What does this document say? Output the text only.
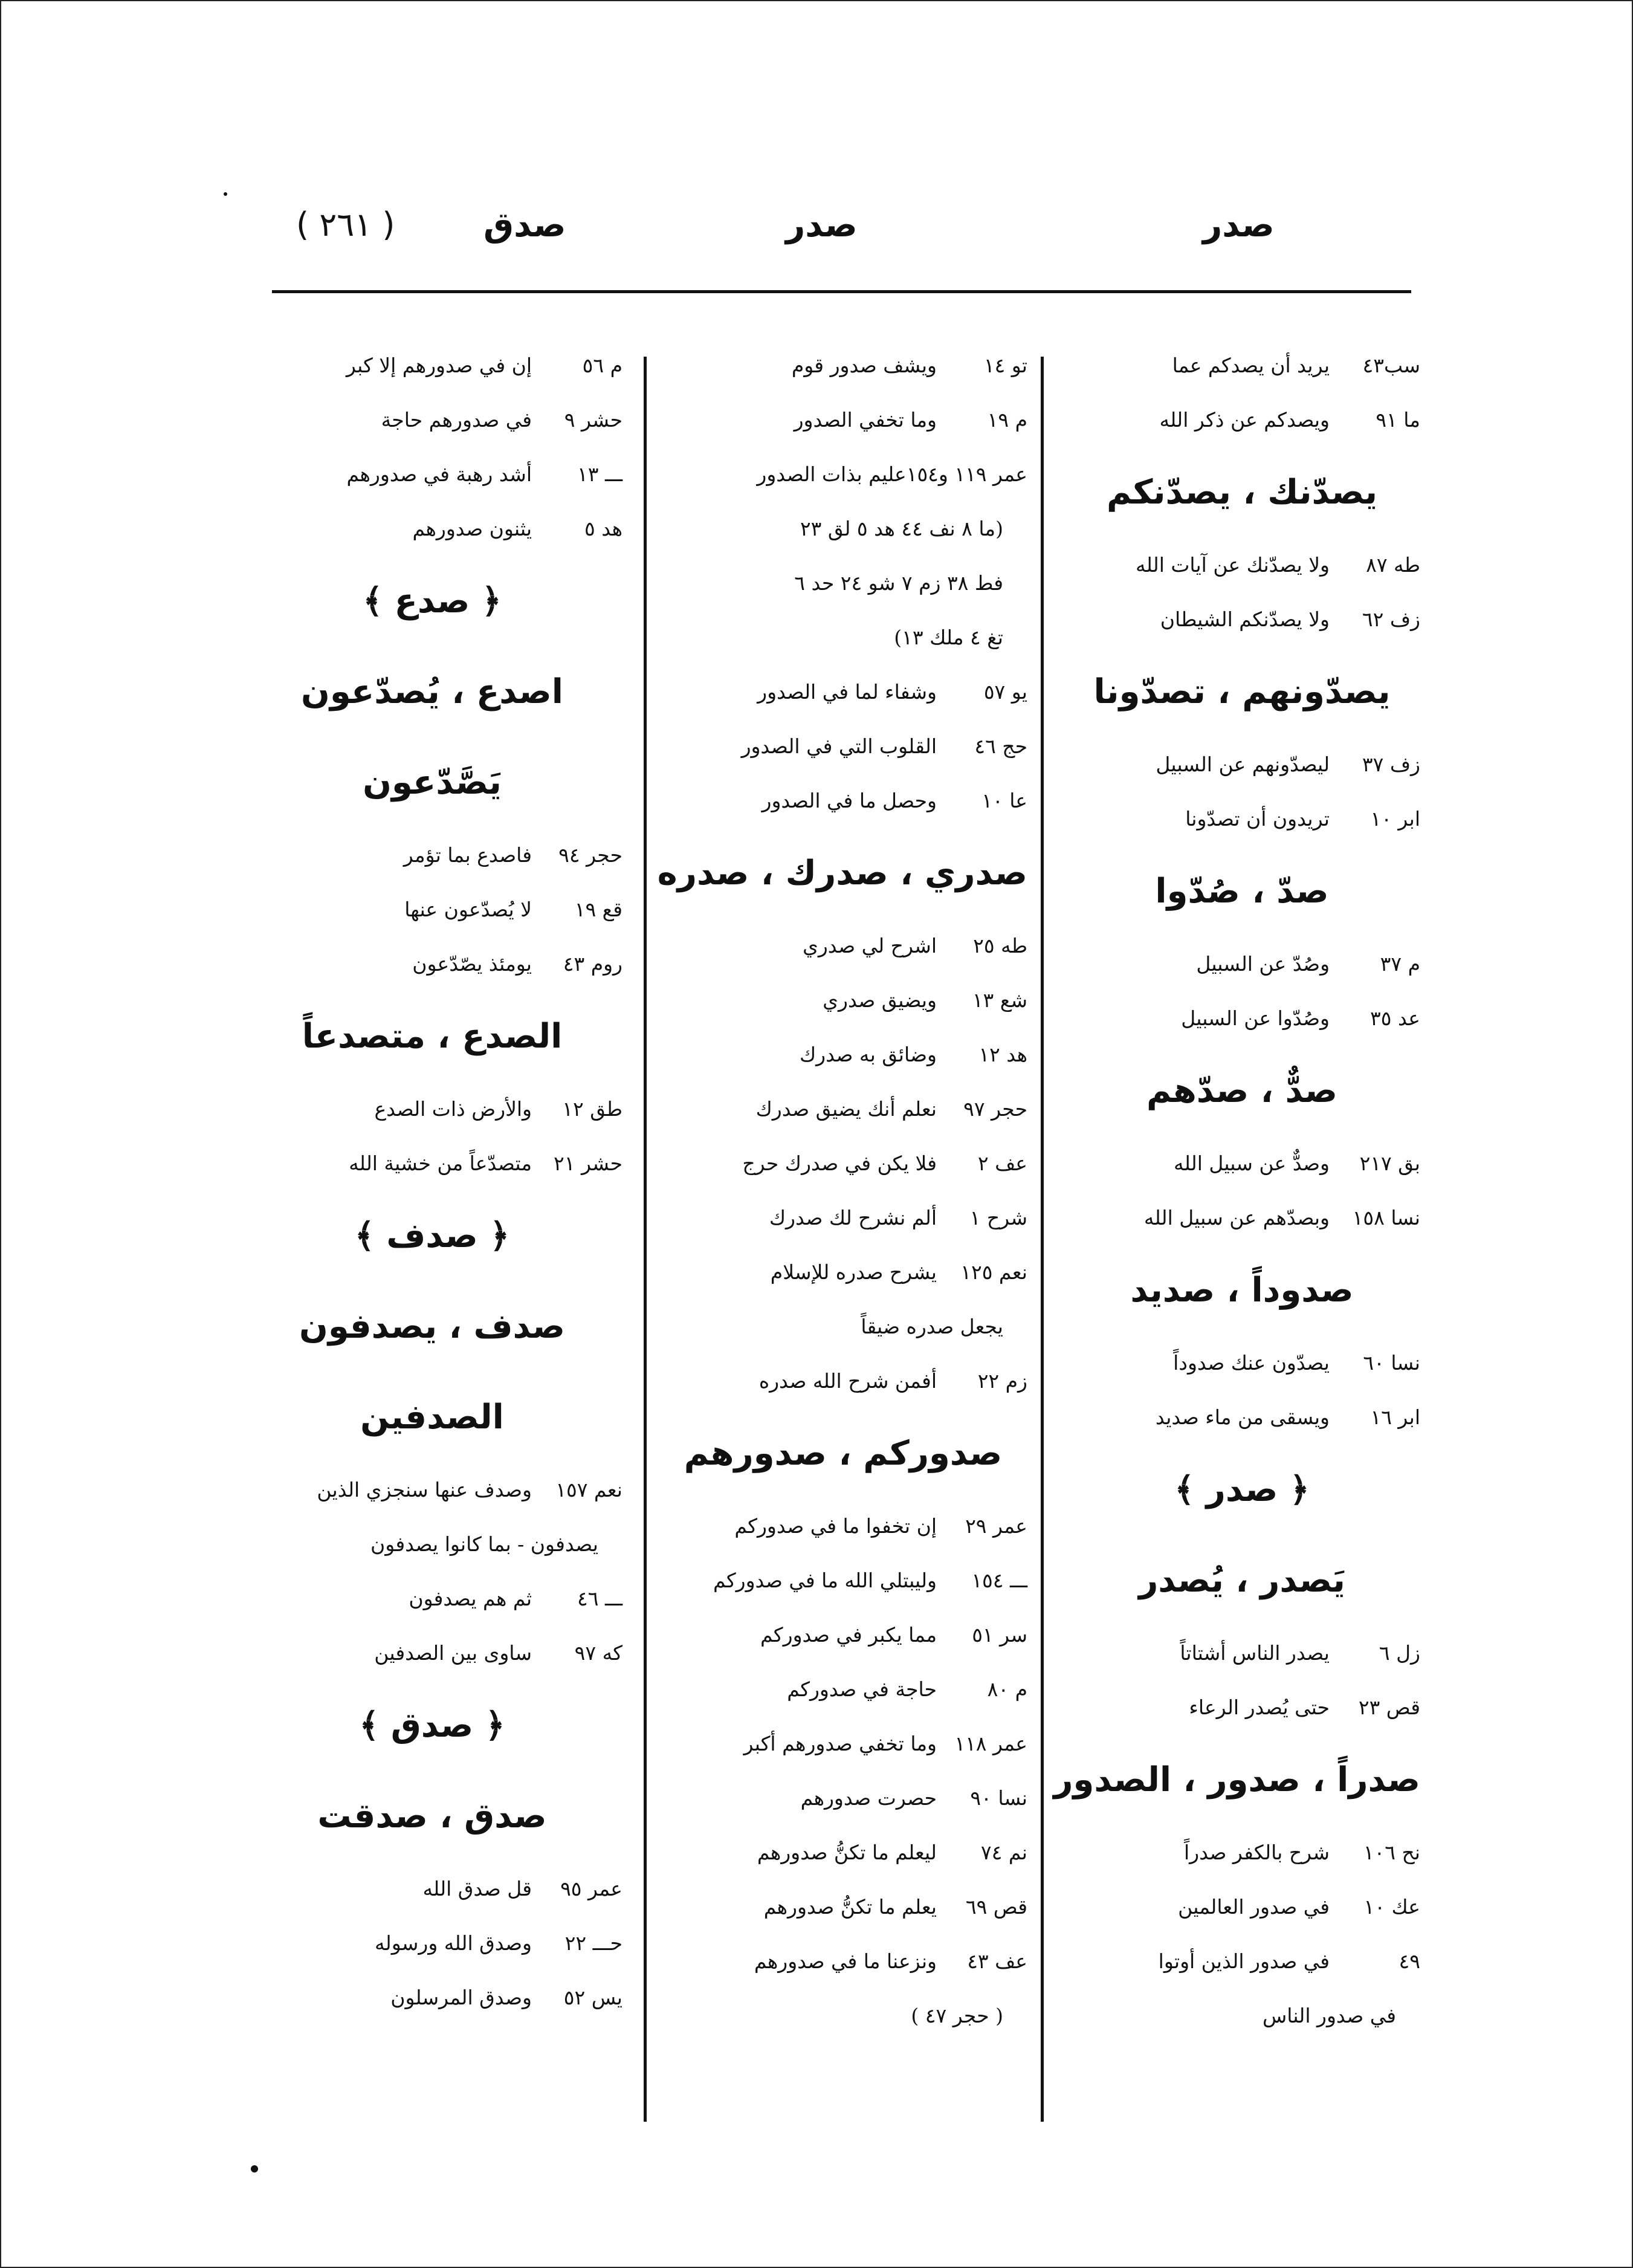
صدر
صدر
صدق
( ٢٦١ )
سب٤٣يريد أن يصدكم عما
ما ٩١ويصدكم عن ذكر الله
يصدّنك ، يصدّنكم
طه ٨٧ولا يصدّنك عن آيات الله
زف ٦٢ولا يصدّنكم الشيطان
يصدّونهم ، تصدّونا
زف ٣٧ليصدّونهم عن السبيل
ابر ١٠تريدون أن تصدّونا
صدّ ، صُدّوا
م ٣٧وصُدّ عن السبيل
عد ٣٥وصُدّوا عن السبيل
صدٌّ ، صدّهم
بق ٢١٧وصدٌّ عن سبيل الله
نسا ١٥٨وبصدّهم عن سبيل الله
صدوداً ، صديد
نسا ٦٠يصدّون عنك صدوداً
ابر ١٦ويسقى من ماء صديد
﴿ صدر ﴾
يَصدر ، يُصدر
زل ٦يصدر الناس أشتاتاً
قص ٢٣حتى يُصدر الرعاء
صدراً ، صدور ، الصدور
نح ١٠٦شرح بالكفر صدراً
عك ١٠في صدور العالمين
٤٩في صدور الذين أوتوا
في صدور الناس
تو ١٤ويشف صدور قوم
م ١٩وما تخفي الصدور
عمر ١١٩ و١٥٤عليم بذات الصدور
(ما ٨ نف ٤٤ هد ٥ لق ٢٣
فط ٣٨ زم ٧ شو ٢٤ حد ٦
تغ ٤ ملك ١٣)
يو ٥٧وشفاء لما في الصدور
حج ٤٦القلوب التي في الصدور
عا ١٠وحصل ما في الصدور
صدري ، صدرك ، صدره
طه ٢٥اشرح لي صدري
شع ١٣ويضيق صدري
هد ١٢وضائق به صدرك
حجر ٩٧نعلم أنك يضيق صدرك
عف ٢فلا يكن في صدرك حرج
شرح ١ألم نشرح لك صدرك
نعم ١٢٥يشرح صدره للإسلام
يجعل صدره ضيقاً
زم ٢٢أفمن شرح الله صدره
صدوركم ، صدورهم
عمر ٢٩إن تخفوا ما في صدوركم
ـــ ١٥٤وليبتلي الله ما في صدوركم
سر ٥١مما يكبر في صدوركم
م ٨٠حاجة في صدوركم
عمر ١١٨وما تخفي صدورهم أكبر
نسا ٩٠حصرت صدورهم
نم ٧٤ليعلم ما تكنُّ صدورهم
قص ٦٩يعلم ما تكنُّ صدورهم
عف ٤٣ونزعنا ما في صدورهم
( حجر ٤٧ )
م ٥٦إن في صدورهم إلا كبر
حشر ٩في صدورهم حاجة
ـــ ١٣أشد رهبة في صدورهم
هد ٥يثنون صدورهم
﴿ صدع ﴾
اصدع ، يُصدّعون
يَصَّدّعون
حجر ٩٤فاصدع بما تؤمر
قع ١٩لا يُصدّعون عنها
روم ٤٣يومئذ يصّدّعون
الصدع ، متصدعاً
طق ١٢والأرض ذات الصدع
حشر ٢١متصدّعاً من خشية الله
﴿ صدف ﴾
صدف ، يصدفون
الصدفين
نعم ١٥٧وصدف عنها سنجزي الذين
يصدفون - بما كانوا يصدفون
ـــ ٤٦ثم هم يصدفون
كه ٩٧ساوى بين الصدفين
﴿ صدق ﴾
صدق ، صدقت
عمر ٩٥قل صدق الله
حـــ ٢٢وصدق الله ورسوله
يس ٥٢وصدق المرسلون
